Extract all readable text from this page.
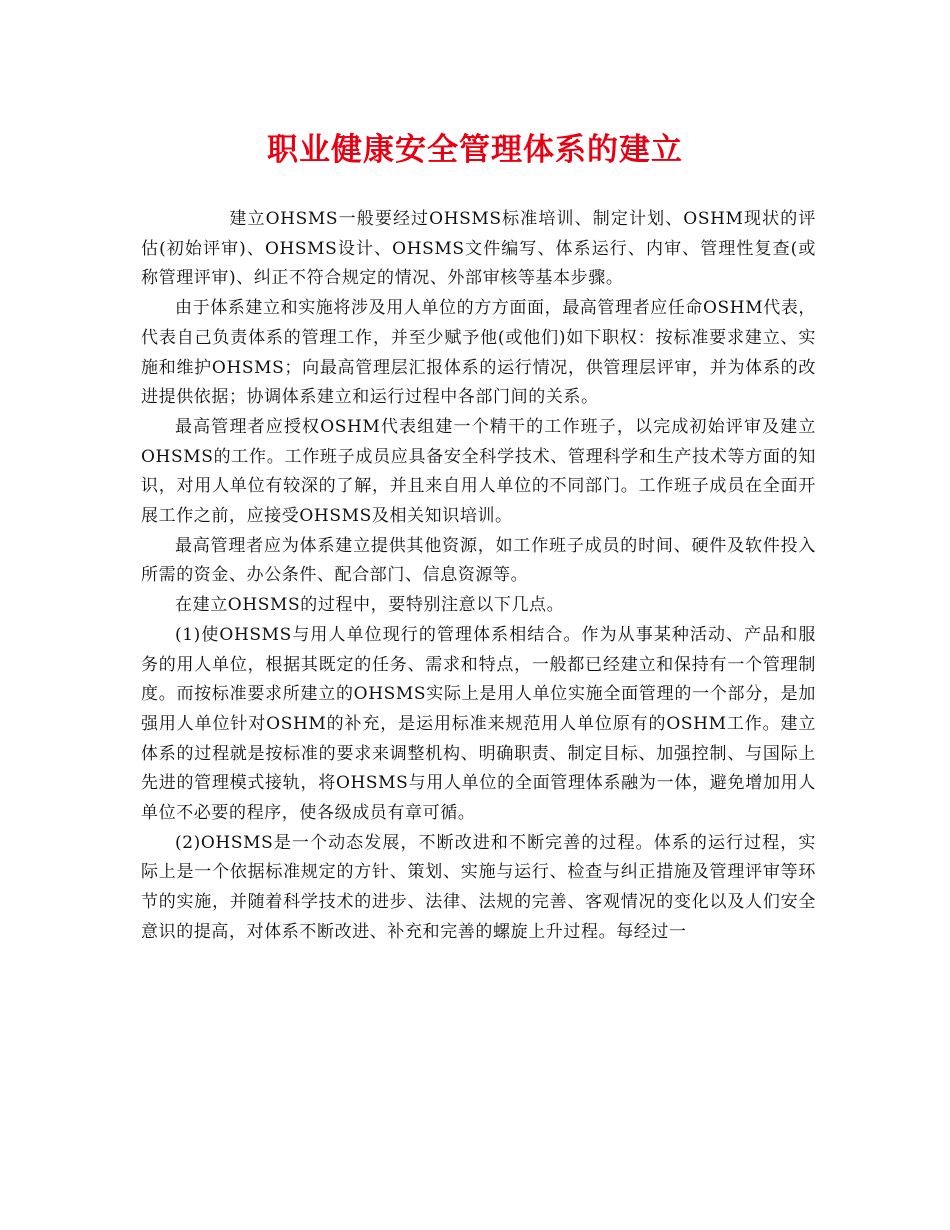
职业健康安全管理体系的建立

建立OHSMS一般要经过OHSMS标准培训、制定计划、OSHM现状的评估(初始评审)、OHSMS设计、OHSMS文件编写、体系运行、内审、管理性复查(或称管理评审)、纠正不符合规定的情况、外部审核等基本步骤。

由于体系建立和实施将涉及用人单位的方方面面，最高管理者应任命OSHM代表，代表自己负责体系的管理工作，并至少赋予他(或他们)如下职权：按标准要求建立、实施和维护OHSMS；向最高管理层汇报体系的运行情况，供管理层评审，并为体系的改进提供依据；协调体系建立和运行过程中各部门间的关系。

最高管理者应授权OSHM代表组建一个精干的工作班子，以完成初始评审及建立OHSMS的工作。工作班子成员应具备安全科学技术、管理科学和生产技术等方面的知识，对用人单位有较深的了解，并且来自用人单位的不同部门。工作班子成员在全面开展工作之前，应接受OHSMS及相关知识培训。

最高管理者应为体系建立提供其他资源，如工作班子成员的时间、硬件及软件投入所需的资金、办公条件、配合部门、信息资源等。

在建立OHSMS的过程中，要特别注意以下几点。

(1)使OHSMS与用人单位现行的管理体系相结合。作为从事某种活动、产品和服务的用人单位，根据其既定的任务、需求和特点，一般都已经建立和保持有一个管理制度。而按标准要求所建立的OHSMS实际上是用人单位实施全面管理的一个部分，是加强用人单位针对OSHM的补充，是运用标准来规范用人单位原有的OSHM工作。建立体系的过程就是按标准的要求来调整机构、明确职责、制定目标、加强控制、与国际上先进的管理模式接轨，将OHSMS与用人单位的全面管理体系融为一体，避免增加用人单位不必要的程序，使各级成员有章可循。

(2)OHSMS是一个动态发展，不断改进和不断完善的过程。体系的运行过程，实际上是一个依据标准规定的方针、策划、实施与运行、检查与纠正措施及管理评审等环节的实施，并随着科学技术的进步、法律、法规的完善、客观情况的变化以及人们安全意识的提高，对体系不断改进、补充和完善的螺旋上升过程。每经过一
